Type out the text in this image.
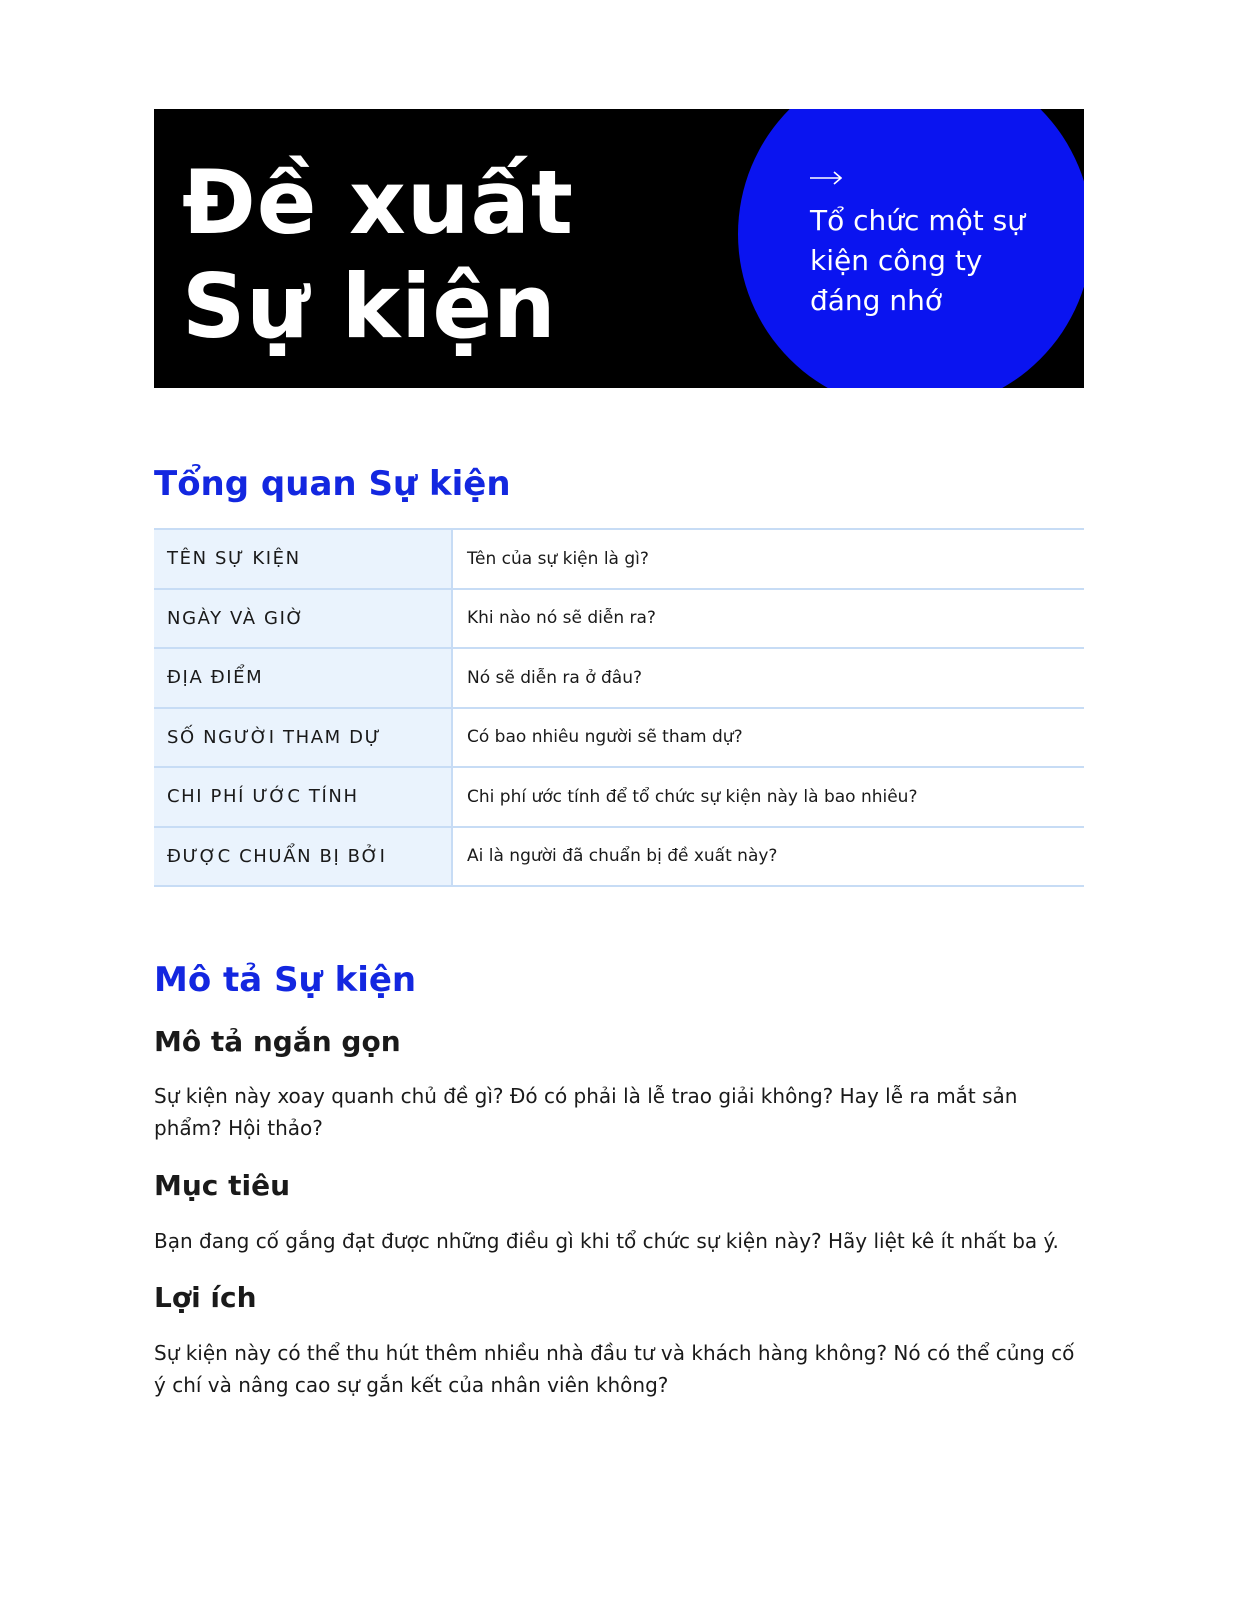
Đề xuất
Sự kiện
Tổ chức một sự kiện công ty đáng nhớ
Tổng quan Sự kiện
TÊN SỰ KIỆN	Tên của sự kiện là gì?
NGÀY VÀ GIỜ	Khi nào nó sẽ diễn ra?
ĐỊA ĐIỂM	Nó sẽ diễn ra ở đâu?
SỐ NGƯỜI THAM DỰ	Có bao nhiêu người sẽ tham dự?
CHI PHÍ ƯỚC TÍNH	Chi phí ước tính để tổ chức sự kiện này là bao nhiêu?
ĐƯỢC CHUẨN BỊ BỞI	Ai là người đã chuẩn bị đề xuất này?
Mô tả Sự kiện
Mô tả ngắn gọn

Sự kiện này xoay quanh chủ đề gì? Đó có phải là lễ trao giải không? Hay lễ ra mắt sản phẩm? Hội thảo?

Mục tiêu

Bạn đang cố gắng đạt được những điều gì khi tổ chức sự kiện này? Hãy liệt kê ít nhất ba ý.

Lợi ích

Sự kiện này có thể thu hút thêm nhiều nhà đầu tư và khách hàng không? Nó có thể củng cố ý chí và nâng cao sự gắn kết của nhân viên không?
